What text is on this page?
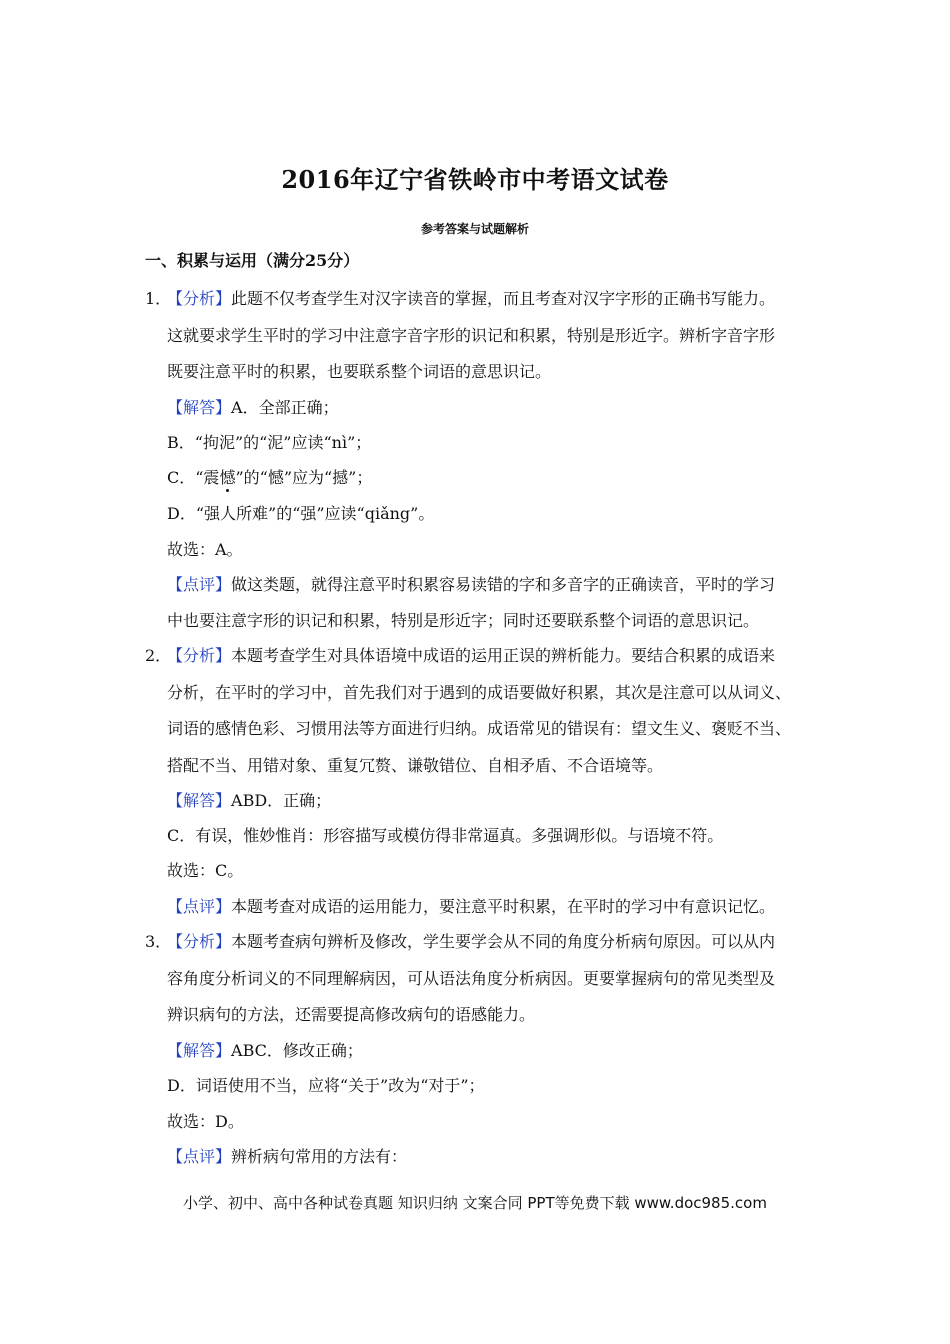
2016年辽宁省铁岭市中考语文试卷
参考答案与试题解析
一、积累与运用（满分25分）
1．
【分析】此题不仅考查学生对汉字读音的掌握，而且考查对汉字字形的正确书写能力。
这就要求学生平时的学习中注意字音字形的识记和积累，特别是形近字。辨析字音字形
既要注意平时的积累，也要联系整个词语的意思识记。
【解答】A．全部正确；
B．“拘泥”的“泥”应读“nì”；
C．“震憾”的“憾”应为“撼”；
D．“强人所难”的“强”应读“qiǎng”。
故选：A。
【点评】做这类题，就得注意平时积累容易读错的字和多音字的正确读音，平时的学习
中也要注意字形的识记和积累，特别是形近字；同时还要联系整个词语的意思识记。
2．
【分析】本题考查学生对具体语境中成语的运用正误的辨析能力。要结合积累的成语来
分析，在平时的学习中，首先我们对于遇到的成语要做好积累，其次是注意可以从词义、
词语的感情色彩、习惯用法等方面进行归纳。成语常见的错误有：望文生义、褒贬不当、
搭配不当、用错对象、重复冗赘、谦敬错位、自相矛盾、不合语境等。
【解答】ABD．正确；
C．有误，惟妙惟肖：形容描写或模仿得非常逼真。多强调形似。与语境不符。
故选：C。
【点评】本题考查对成语的运用能力，要注意平时积累，在平时的学习中有意识记忆。
3．
【分析】本题考查病句辨析及修改，学生要学会从不同的角度分析病句原因。可以从内
容角度分析词义的不同理解病因，可从语法角度分析病因。更要掌握病句的常见类型及
辨识病句的方法，还需要提高修改病句的语感能力。
【解答】ABC．修改正确；
D．词语使用不当，应将“关于”改为“对于”；
故选：D。
【点评】辨析病句常用的方法有：
小学、初中、高中各种试卷真题 知识归纳 文案合同 PPT等免费下载 www.doc985.com
